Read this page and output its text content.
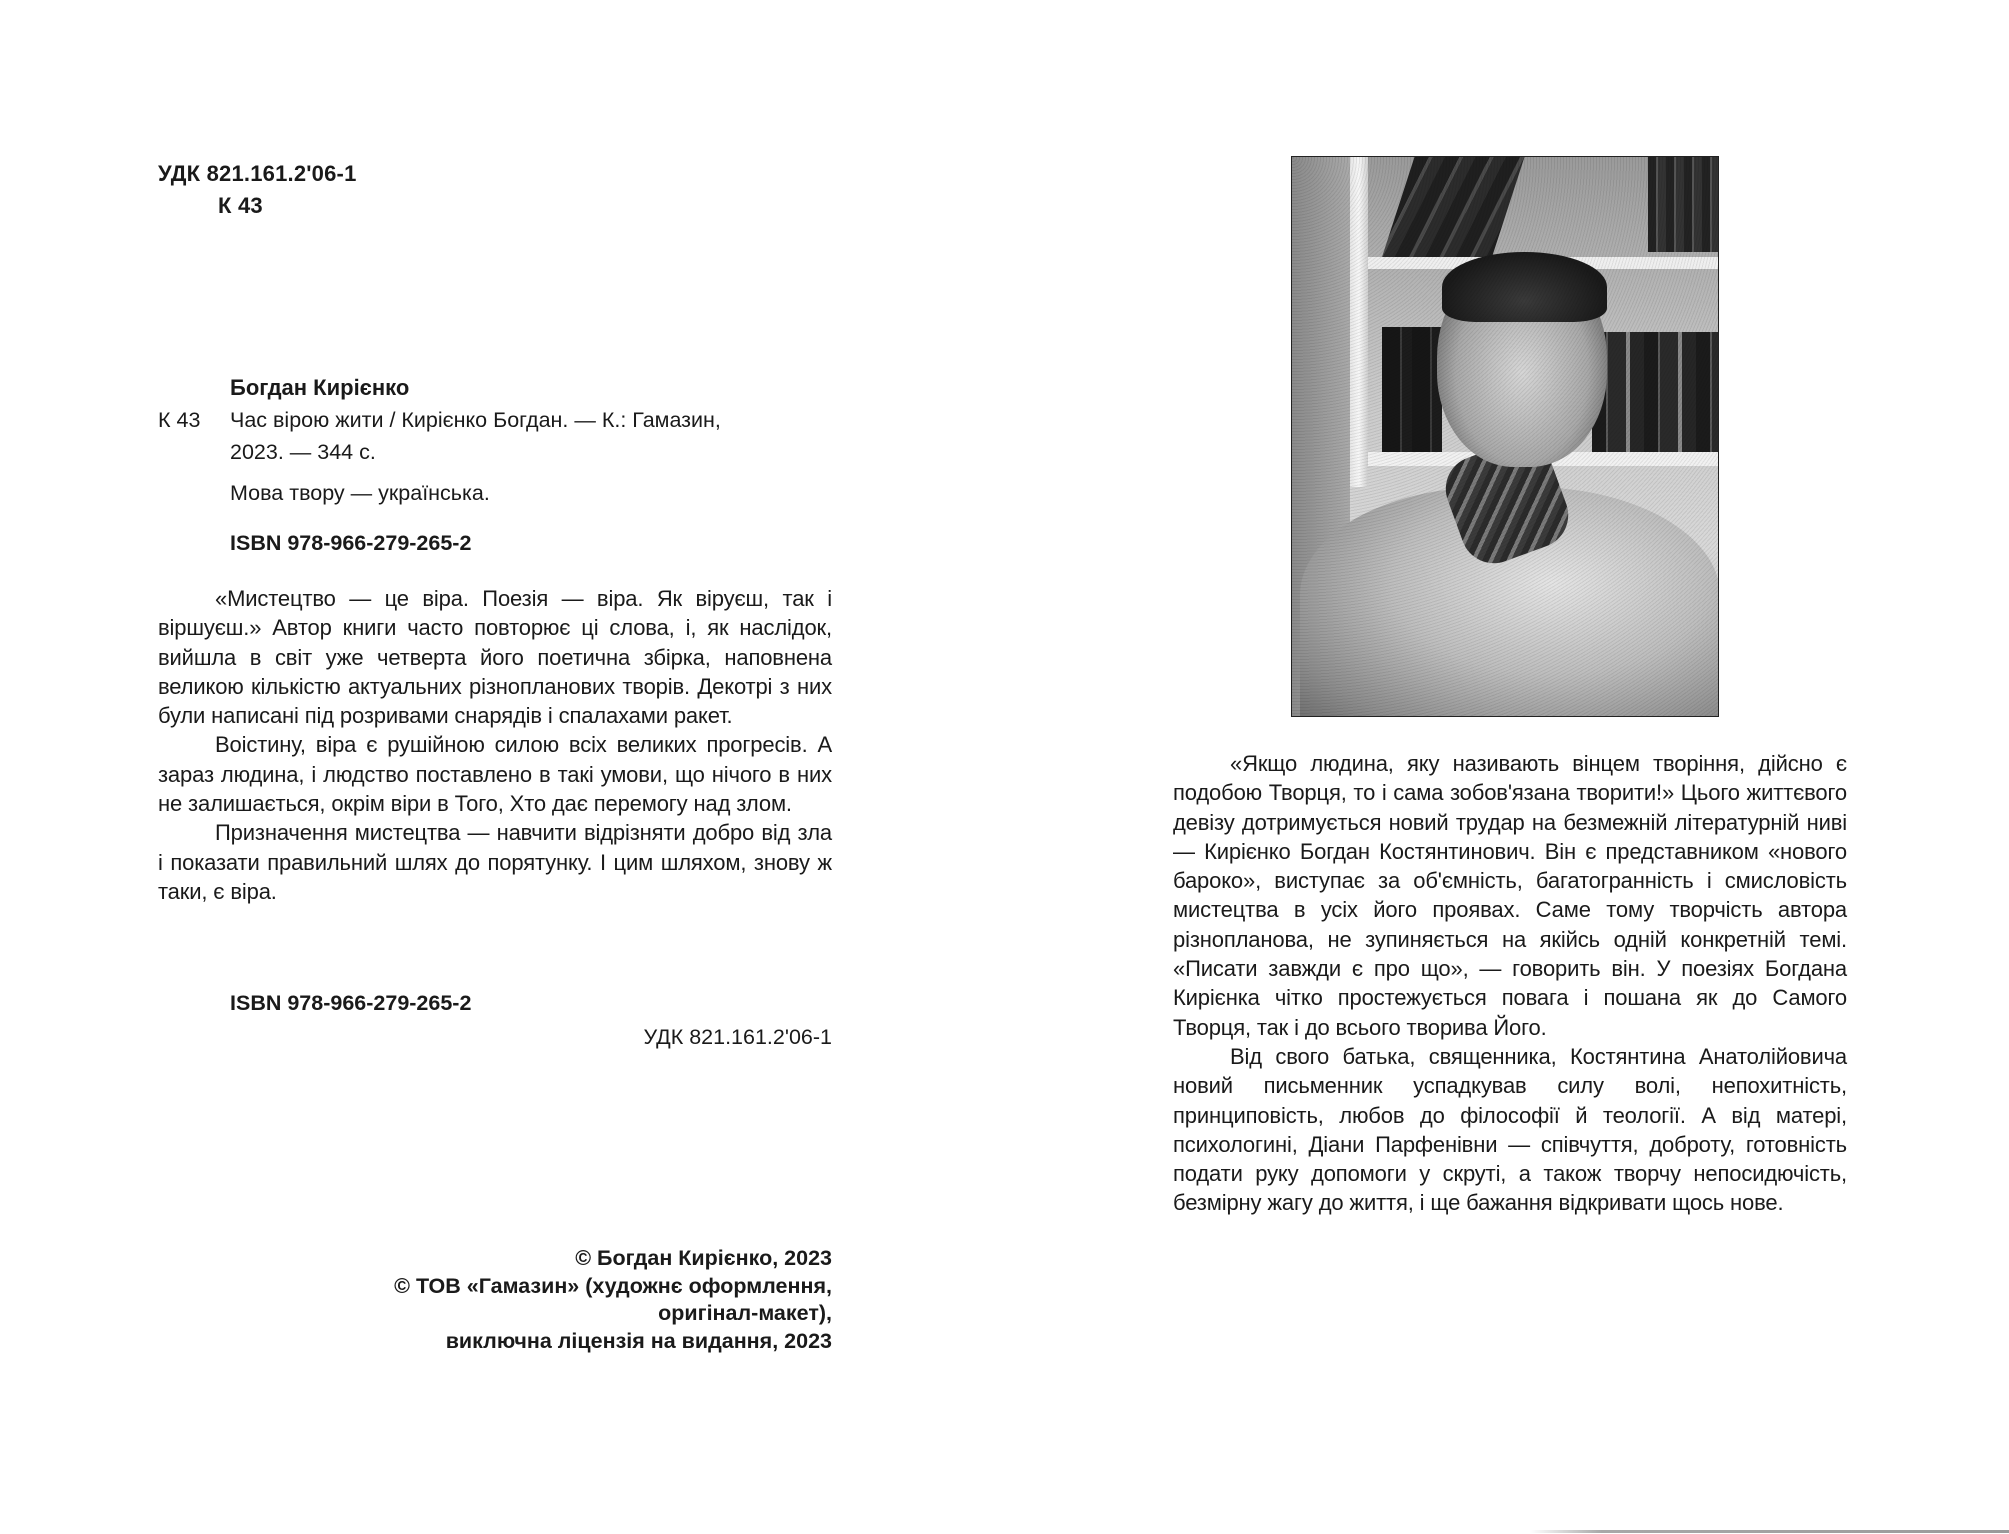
УДК 821.161.2'06-1
К 43
Богдан Кирієнко
К 43	Час вірою жити / Кирієнко Богдан. — К.: Гамазин,
2023. — 344 с.
Мова твору — українська.
ISBN 978-966-279-265-2

«Мистецтво — це віра. Поезія — віра. Як віруєш, так і віршуєш.» Автор книги часто повторює ці слова, і, як наслідок, вийшла в світ уже четверта його поетична збірка, наповнена великою кількістю актуальних різнопланових творів. Декотрі з них були написані під розривами снарядів і спалахами ракет.

Воістину, віра є рушійною силою всіх великих прогресів. А зараз людина, і людство поставлено в такі умови, що нічого в них не залишається, окрім віри в Того, Хто дає перемогу над злом.

Призначення мистецтва — навчити відрізняти добро від зла і показати правильний шлях до порятунку. І цим шляхом, знову ж таки, є віра.

ISBN 978-966-279-265-2
УДК 821.161.2'06-1
© Богдан Кирієнко, 2023
© ТОВ «Гамазин» (художнє оформлення,
оригінал-макет),
виключна ліцензія на видання, 2023

«Якщо людина, яку називають вінцем творіння, дійсно є подобою Творця, то і сама зобов'язана творити!» Цього життєвого девізу дотримується новий трудар на безмежній літературній ниві — Кирієнко Богдан Костянтинович. Він є представником «нового бароко», виступає за об'ємність, багатогранність і смисловість мистецтва в усіх його проявах. Саме тому творчість автора різнопланова, не зупиняється на якійсь одній конкретній темі. «Писати завжди є про що», — говорить він. У поезіях Богдана Кирієнка чітко простежується повага і пошана як до Самого Творця, так і до всього творива Його.

Від свого батька, священника, Костянтина Анатолійовича новий письменник успадкував силу волі, непохитність, принциповість, любов до філософії й теології. А від матері, психологині, Діани Парфенівни — співчуття, доброту, готовність подати руку допомоги у скруті, а також творчу непосидючість, безмірну жагу до життя, і ще бажання відкривати щось нове.
